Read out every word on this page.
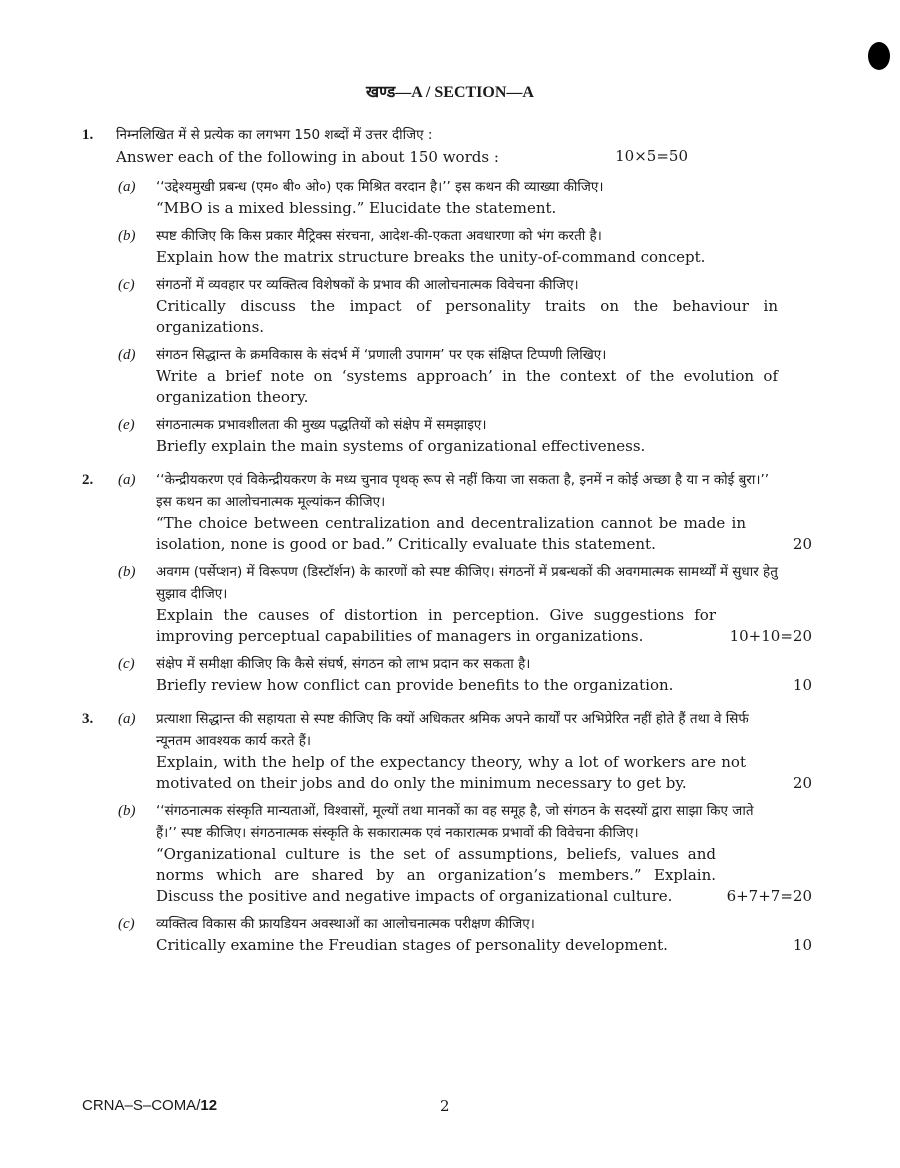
खण्ड—A / SECTION—A
1. निम्नलिखित में से प्रत्येक का लगभग 150 शब्दों में उत्तर दीजिए :
Answer each of the following in about 150 words :	10×5=50
(a) ‘‘उद्देश्यमुखी प्रबन्ध (एम० बी० ओ०) एक मिश्रित वरदान है।’’ इस कथन की व्याख्या कीजिए।
“MBO is a mixed blessing.” Elucidate the statement.
(b) स्पष्ट कीजिए कि किस प्रकार मैट्रिक्स संरचना, आदेश-की-एकता अवधारणा को भंग करती है।
Explain how the matrix structure breaks the unity-of-command concept.
(c) संगठनों में व्यवहार पर व्यक्तित्व विशेषकों के प्रभाव की आलोचनात्मक विवेचना कीजिए।
Critically discuss the impact of personality traits on the behaviour in organizations.
(d) संगठन सिद्धान्त के क्रमविकास के संदर्भ में ‘प्रणाली उपागम’ पर एक संक्षिप्त टिप्पणी लिखिए।
Write a brief note on ‘systems approach’ in the context of the evolution of organization theory.
(e) संगठनात्मक प्रभावशीलता की मुख्य पद्धतियों को संक्षेप में समझाइए।
Briefly explain the main systems of organizational effectiveness.
2. (a) ‘‘केन्द्रीयकरण एवं विकेन्द्रीयकरण के मध्य चुनाव पृथक् रूप से नहीं किया जा सकता है, इनमें न कोई अच्छा है या न कोई बुरा।’’ इस कथन का आलोचनात्मक मूल्यांकन कीजिए।
“The choice between centralization and decentralization cannot be made in isolation, none is good or bad.” Critically evaluate this statement.	20
(b) अवगम (पर्सेप्शन) में विरूपण (डिस्टॉर्शन) के कारणों को स्पष्ट कीजिए। संगठनों में प्रबन्धकों की अवगमात्मक सामर्थ्यों में सुधार हेतु सुझाव दीजिए।
Explain the causes of distortion in perception. Give suggestions for improving perceptual capabilities of managers in organizations.	10+10=20
(c) संक्षेप में समीक्षा कीजिए कि कैसे संघर्ष, संगठन को लाभ प्रदान कर सकता है।
Briefly review how conflict can provide benefits to the organization.	10
3. (a) प्रत्याशा सिद्धान्त की सहायता से स्पष्ट कीजिए कि क्यों अधिकतर श्रमिक अपने कार्यों पर अभिप्रेरित नहीं होते हैं तथा वे सिर्फ न्यूनतम आवश्यक कार्य करते हैं।
Explain, with the help of the expectancy theory, why a lot of workers are not motivated on their jobs and do only the minimum necessary to get by.	20
(b) ‘‘संगठनात्मक संस्कृति मान्यताओं, विश्वासों, मूल्यों तथा मानकों का वह समूह है, जो संगठन के सदस्यों द्वारा साझा किए जाते हैं।’’ स्पष्ट कीजिए। संगठनात्मक संस्कृति के सकारात्मक एवं नकारात्मक प्रभावों की विवेचना कीजिए।
“Organizational culture is the set of assumptions, beliefs, values and norms which are shared by an organization’s members.” Explain. Discuss the positive and negative impacts of organizational culture.	6+7+7=20
(c) व्यक्तित्व विकास की फ्रायडियन अवस्थाओं का आलोचनात्मक परीक्षण कीजिए।
Critically examine the Freudian stages of personality development.	10
CRNA–S–COMA/12	2
